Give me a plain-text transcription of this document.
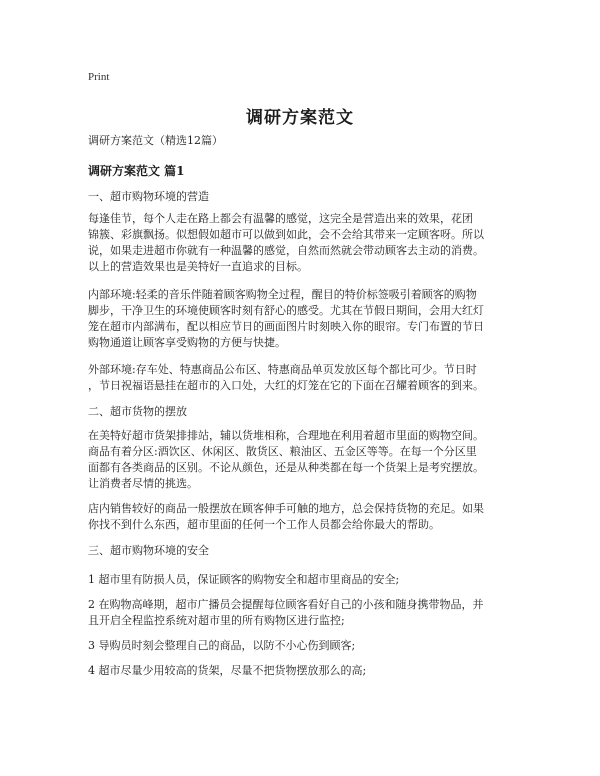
Print
调研方案范文
调研方案范文（精选12篇）
调研方案范文 篇1
一、超市购物环境的营造

每逢佳节，每个人走在路上都会有温馨的感觉，这完全是营造出来的效果，花团
锦簇、彩旗飘扬。似想假如超市可以做到如此，会不会给其带来一定顾客呀。所以
说，如果走进超市你就有一种温馨的感觉，自然而然就会带动顾客去主动的消费。
以上的营造效果也是美特好一直追求的目标。

内部环境:轻柔的音乐伴随着顾客购物全过程，醒目的特价标签吸引着顾客的购物
脚步，干净卫生的环境使顾客时刻有舒心的感受。尤其在节假日期间，会用大红灯
笼在超市内部满布，配以相应节日的画面图片时刻映入你的眼帘。专门布置的节日
购物通道让顾客享受购物的方便与快捷。

外部环境:存车处、特惠商品公布区、特惠商品单页发放区每个都比可少。节日时
，节日祝福语悬挂在超市的入口处，大红的灯笼在它的下面在召耀着顾客的到来。

二、超市货物的摆放

在美特好超市货架排排站，辅以货堆相称，合理地在利用着超市里面的购物空间。
商品有着分区:酒饮区、休闲区、散货区、粮油区、五金区等等。在每一个分区里
面都有各类商品的区别。不论从颜色，还是从种类都在每一个货架上是考究摆放。
让消费者尽情的挑选。

店内销售较好的商品一般摆放在顾客伸手可触的地方，总会保持货物的充足。如果
你找不到什么东西，超市里面的任何一个工作人员都会给你最大的帮助。

三、超市购物环境的安全

1 超市里有防损人员，保证顾客的购物安全和超市里商品的安全;

2 在购物高峰期，超市广播员会提醒每位顾客看好自己的小孩和随身携带物品，并
且开启全程监控系统对超市里的所有购物区进行监控;

3 导购员时刻会整理自己的商品，以防不小心伤到顾客;

4 超市尽量少用较高的货架，尽量不把货物摆放那么的高;
